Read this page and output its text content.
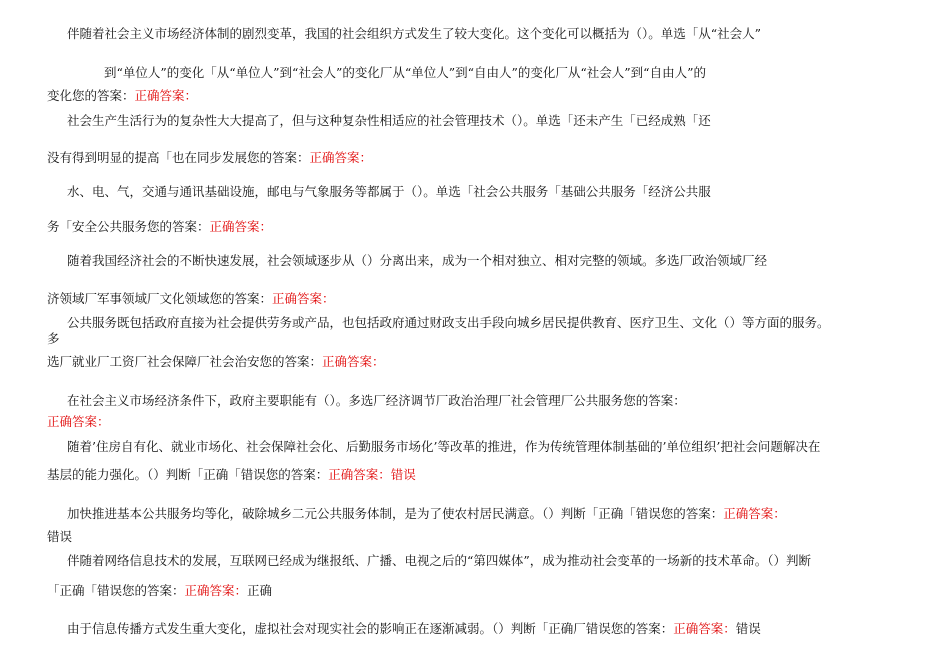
伴随着社会主义市场经济体制的剧烈变革，我国的社会组织方式发生了较大变化。这个变化可以概括为（）。单选「从“社会人”
到“单位人”的变化「从“单位人”到“社会人”的变化厂从“单位人”到“自由人”的变化厂从“社会人”到“自由人”的
变化您的答案：正确答案：
社会生产生活行为的复杂性大大提高了，但与这种复杂性相适应的社会管理技术（）。单选「还未产生「已经成熟「还
没有得到明显的提高「也在同步发展您的答案：正确答案：
水、电、气，交通与通讯基础设施，邮电与气象服务等都属于（）。单选「社会公共服务「基础公共服务「经济公共服
务「安全公共服务您的答案：正确答案：
随着我国经济社会的不断快速发展，社会领域逐步从（）分离出来，成为一个相对独立、相对完整的领域。多选厂政治领域厂经
济领域厂军事领域厂文化领域您的答案：正确答案：
公共服务既包括政府直接为社会提供劳务或产品，也包括政府通过财政支出手段向城乡居民提供教育、医疗卫生、文化（）等方面的服务。
多
选厂就业厂工资厂社会保障厂社会治安您的答案：正确答案：
在社会主义市场经济条件下，政府主要职能有（）。多选厂经济调节厂政治治理厂社会管理厂公共服务您的答案：
正确答案：
随着’住房自有化、就业市场化、社会保障社会化、后勤服务市场化’等改革的推进，作为传统管理体制基础的’单位组织’把社会问题解决在
基层的能力强化。（）判断「正确「错误您的答案：正确答案：错误
加快推进基本公共服务均等化，破除城乡二元公共服务体制，是为了使农村居民满意。（）判断「正确「错误您的答案：正确答案：
错误
伴随着网络信息技术的发展，互联网已经成为继报纸、广播、电视之后的“第四媒体”，成为推动社会变革的一场新的技术革命。（）判断
「正确「错误您的答案：正确答案：正确
由于信息传播方式发生重大变化，虚拟社会对现实社会的影响正在逐渐减弱。（）判断「正确厂错误您的答案：正确答案：错误
